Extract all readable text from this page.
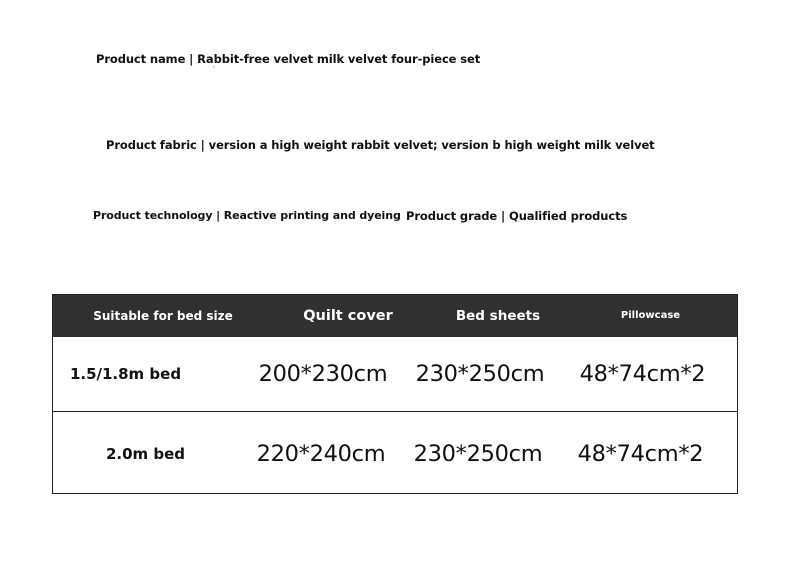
Product name | Rabbit-free velvet milk velvet four-piece set
ˇ
Product fabric | version a high weight rabbit velvet; version b high weight milk velvet
Product technology | Reactive printing and dyeing Product grade | Qualified products
Suitable for bed size	Quilt cover	Bed sheets	Pillowcase
1.5/1.8m bed	200*230cm 230*250cm 48*74cm*2
2.0m bed	220*240cm 230*250cm 48*74cm*2
